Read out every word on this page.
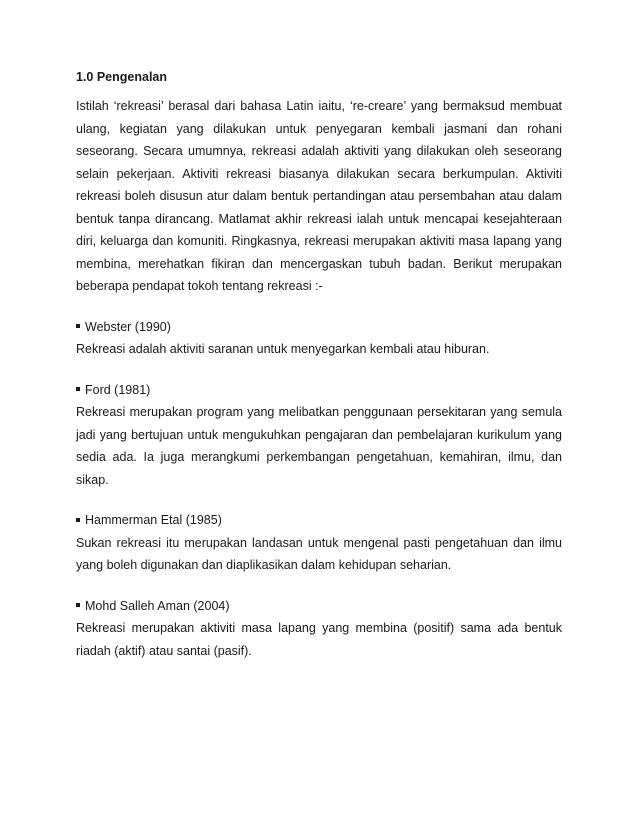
1.0 Pengenalan

Istilah ‘rekreasi’ berasal dari bahasa Latin iaitu, ‘re-creare’ yang bermaksud membuat ulang, kegiatan yang dilakukan untuk penyegaran kembali jasmani dan rohani seseorang. Secara umumnya, rekreasi adalah aktiviti yang dilakukan oleh seseorang selain pekerjaan. Aktiviti rekreasi biasanya dilakukan secara berkumpulan. Aktiviti rekreasi boleh disusun atur dalam bentuk pertandingan atau persembahan atau dalam bentuk tanpa dirancang. Matlamat akhir rekreasi ialah untuk mencapai kesejahteraan diri, keluarga dan komuniti. Ringkasnya, rekreasi merupakan aktiviti masa lapang yang membina, merehatkan fikiran dan mencergaskan tubuh badan. Berikut merupakan beberapa pendapat tokoh tentang rekreasi :-

Webster (1990)

Rekreasi adalah aktiviti saranan untuk menyegarkan kembali atau hiburan.

Ford (1981)

Rekreasi merupakan program yang melibatkan penggunaan persekitaran yang semula jadi yang bertujuan untuk mengukuhkan pengajaran dan pembelajaran kurikulum yang sedia ada. Ia juga merangkumi perkembangan pengetahuan, kemahiran, ilmu, dan sikap.

Hammerman Etal (1985)

Sukan rekreasi itu merupakan landasan untuk mengenal pasti pengetahuan dan ilmu yang boleh digunakan dan diaplikasikan dalam kehidupan seharian.

Mohd Salleh Aman (2004)

Rekreasi merupakan aktiviti masa lapang yang membina (positif) sama ada bentuk riadah (aktif) atau santai (pasif).
